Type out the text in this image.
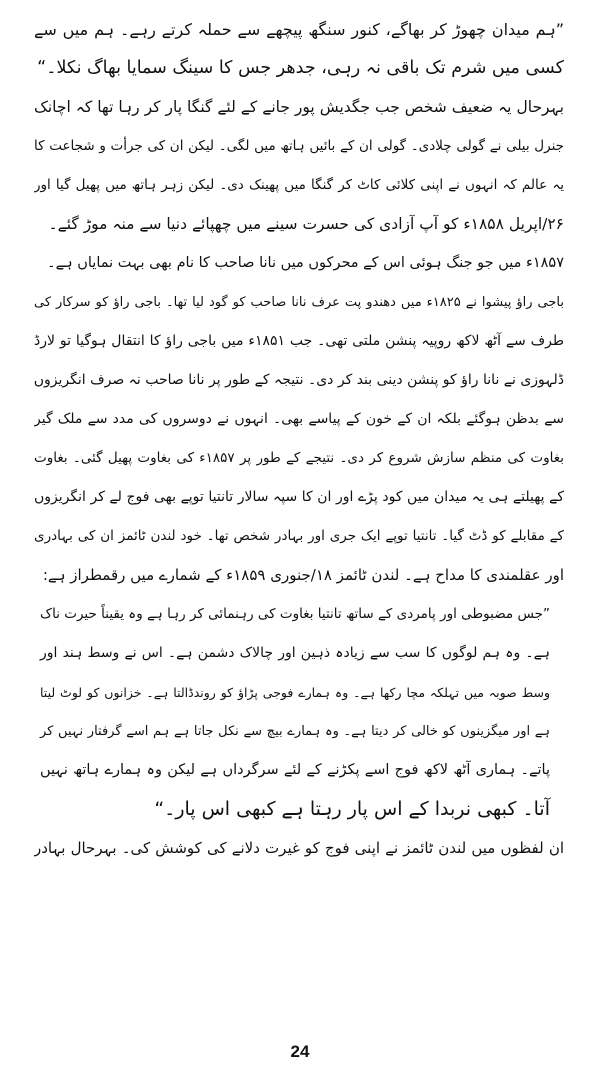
”ہم میدان چھوڑ کر بھاگے، کنور سنگھ پیچھے سے حملہ کرتے رہے۔ ہم میں سے
کسی میں شرم تک باقی نہ رہی، جدھر جس کا سینگ سمایا بھاگ نکلا۔“
بہرحال یہ ضعیف شخص جب جگدیش پور جانے کے لئے گنگا پار کر رہا تھا کہ اچانک
جنرل بیلی نے گولی چلادی۔ گولی ان کے بائیں ہاتھ میں لگی۔ لیکن ان کی جرأت و شجاعت کا
یہ عالم کہ انہوں نے اپنی کلائی کاٹ کر گنگا میں پھینک دی۔ لیکن زہر ہاتھ میں پھیل گیا اور
۲۶/اپریل ۱۸۵۸ء کو آپ آزادی کی حسرت سینے میں چھپائے دنیا سے منہ موڑ گئے۔
۱۸۵۷ء میں جو جنگ ہوئی اس کے محرکوں میں نانا صاحب کا نام بھی بہت نمایاں ہے۔
باجی راؤ پیشوا نے ۱۸۲۵ء میں دھندو پت عرف نانا صاحب کو گود لیا تھا۔ باجی راؤ کو سرکار کی
طرف سے آٹھ لاکھ روپیہ پنشن ملتی تھی۔ جب ۱۸۵۱ء میں باجی راؤ کا انتقال ہوگیا تو لارڈ
ڈلہوزی نے نانا راؤ کو پنشن دینی بند کر دی۔ نتیجہ کے طور پر نانا صاحب نہ صرف انگریزوں
سے بدظن ہوگئے بلکہ ان کے خون کے پیاسے بھی۔ انہوں نے دوسروں کی مدد سے ملک گیر
بغاوت کی منظم سازش شروع کر دی۔ نتیجے کے طور پر ۱۸۵۷ء کی بغاوت پھیل گئی۔ بغاوت
کے پھیلتے ہی یہ میدان میں کود پڑے اور ان کا سپہ سالار تانتیا توپے بھی فوج لے کر انگریزوں
کے مقابلے کو ڈٹ گیا۔ تانتیا توپے ایک جری اور بہادر شخص تھا۔ خود لندن ٹائمز ان کی بہادری
اور عقلمندی کا مداح ہے۔ لندن ٹائمز ۱۸/جنوری ۱۸۵۹ء کے شمارے میں رقمطراز ہے:
”جس مضبوطی اور پامردی کے ساتھ تانتیا بغاوت کی رہنمائی کر رہا ہے وہ یقیناً حیرت ناک
ہے۔ وہ ہم لوگوں کا سب سے زیادہ ذہین اور چالاک دشمن ہے۔ اس نے وسط ہند اور
وسط صوبہ میں تہلکہ مچا رکھا ہے۔ وہ ہمارے فوجی پڑاؤ کو روندڈالتا ہے۔ خزانوں کو لوٹ لیتا
ہے اور میگزینوں کو خالی کر دیتا ہے۔ وہ ہمارے بیچ سے نکل جاتا ہے ہم اسے گرفتار نہیں کر
پاتے۔ ہماری آٹھ لاکھ فوج اسے پکڑنے کے لئے سرگرداں ہے لیکن وہ ہمارے ہاتھ نہیں
آتا۔ کبھی نربدا کے اس پار رہتا ہے کبھی اس پار۔“
ان لفظوں میں لندن ٹائمز نے اپنی فوج کو غیرت دلانے کی کوشش کی۔ بہرحال بہادر
24
